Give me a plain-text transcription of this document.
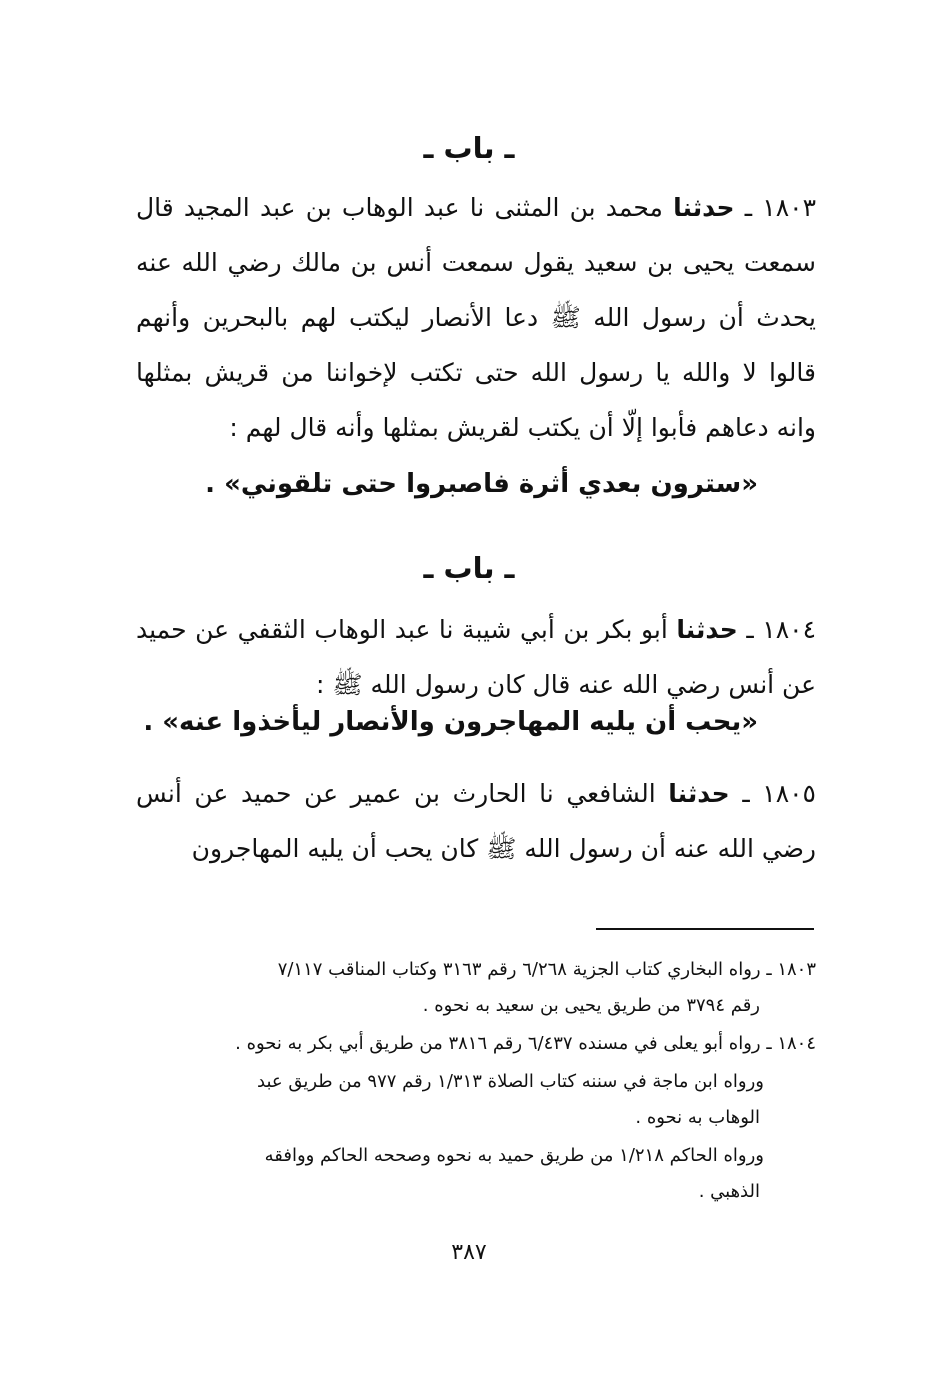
ـ باب ـ
١٨٠٣ ـ حدثنا محمد بن المثنى نا عبد الوهاب بن عبد المجيد قال سمعت يحيى بن سعيد يقول سمعت أنس بن مالك رضي الله عنه يحدث أن رسول الله ﷺ دعا الأنصار ليكتب لهم بالبحرين وأنهم قالوا لا والله يا رسول الله حتى تكتب لإخواننا من قريش بمثلها وانه دعاهم فأبوا إلّا أن يكتب لقريش بمثلها وأنه قال لهم :
«سترون بعدي أثرة فاصبروا حتى تلقوني» .
ـ باب ـ
١٨٠٤ ـ حدثنا أبو بكر بن أبي شيبة نا عبد الوهاب الثقفي عن حميد عن أنس رضي الله عنه قال كان رسول الله ﷺ :
«يحب أن يليه المهاجرون والأنصار ليأخذوا عنه» .
١٨٠٥ ـ حدثنا الشافعي نا الحارث بن عمير عن حميد عن أنس رضي الله عنه أن رسول الله ﷺ كان يحب أن يليه المهاجرون
١٨٠٣ ـ رواه البخاري كتاب الجزية ٦/٢٦٨ رقم ٣١٦٣ وكتاب المناقب ٧/١١٧
رقم ٣٧٩٤ من طريق يحيى بن سعيد به نحوه .
١٨٠٤ ـ رواه أبو يعلى في مسنده ٦/٤٣٧ رقم ٣٨١٦ من طريق أبي بكر به نحوه .
ورواه ابن ماجة في سننه كتاب الصلاة ١/٣١٣ رقم ٩٧٧ من طريق عبد
الوهاب به نحوه .
ورواه الحاكم ١/٢١٨ من طريق حميد به نحوه وصححه الحاكم ووافقه
الذهبي .
٣٨٧
